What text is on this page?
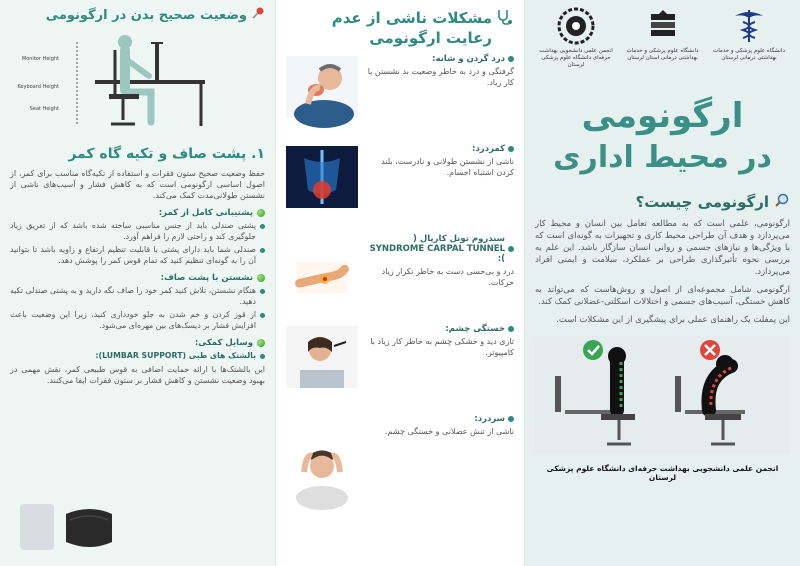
دانشگاه علوم پزشکی و خدمات بهداشتی درمانی لرستان
دانشگاه علوم پزشکی و خدمات بهداشتی درمانی استان لرستان
انجمن علمی دانشجویی بهداشت حرفه‌ای دانشگاه علوم پزشکی لرستان
ارگونومی
در محیط اداری
ارگونومی چیست؟

ارگونومی، علمی است که به مطالعه تعامل بین انسان و محیط کار می‌پردازد و هدف آن طراحی محیط کاری و تجهیزات به گونه‌ای است که با ویژگی‌ها و نیازهای جسمی و روانی انسان سازگار باشد. این علم به بررسی نحوه تأثیرگذاری طراحی بر عملکرد، سلامت و ایمنی افراد می‌پردازد.

ارگونومی شامل مجموعه‌ای از اصول و روش‌هاست که می‌تواند به کاهش خستگی، آسیب‌های جسمی و اختلالات اسکلتی-عضلانی کمک کند.

این پمفلت یک راهنمای عملی برای پیشگیری از این مشکلات است.

انجمن علمی دانشجویی بهداشت حرفه‌ای دانشگاه علوم پزشکی لرستان
مشکلات ناشی از عدم رعایت ارگونومی
درد گردن و شانه:
گرفتگی و درد به خاطر وضعیت بد نشستن یا کار زیاد.
کمردرد:
ناشی از نشستن طولانی و نادرست، بلند کردن اشتباه اجسام.
سندروم تونل کارپال ( SYNDROME CARPAL TUNNEL ):
درد و بی‌حسی دست به خاطر تکرار زیاد حرکات.
خستگی چشم:
تاری دید و خشکی چشم به خاطر کار زیاد با کامپیوتر.
سردرد:
ناشی از تنش عضلانی و خستگی چشم.
وضعیت صحیح بدن در ارگونومی
Monitor Height
Keyboard Height
Seat Height
۱. پشت صاف و تکیه گاه کمر

حفظ وضعیت صحیح ستون فقرات و استفاده از تکیه‌گاه مناسب برای کمر، از اصول اساسی ارگونومی است که به کاهش فشار و آسیب‌های ناشی از نشستن طولانی‌مدت کمک می‌کند.

پشتیبانی کامل از کمر:
پشتی صندلی باید از جنس مناسبی ساخته شده باشد که از تعریق زیاد جلوگیری کند و راحتی لازم را فراهم آورد.
صندلی شما باید دارای پشتی با قابلیت تنظیم ارتفاع و زاویه باشد تا بتوانید آن را به گونه‌ای تنظیم کنید که تمام قوس کمر را پوشش دهد.
نشستن با پشت صاف:
هنگام نشستن، تلاش کنید کمر خود را صاف نگه دارید و به پشتی صندلی تکیه دهید.
از قوز کردن و خم شدن به جلو خودداری کنید، زیرا این وضعیت باعث افزایش فشار بر دیسک‌های بین مهره‌ای می‌شود.
وسایل کمکی:
بالشتک های طبی (LUMBAR SUPPORT):

این بالشتک‌ها با ارائه حمایت اضافی به قوس طبیعی کمر، نقش مهمی در بهبود وضعیت نشستن و کاهش فشار بر ستون فقرات ایفا می‌کنند.
